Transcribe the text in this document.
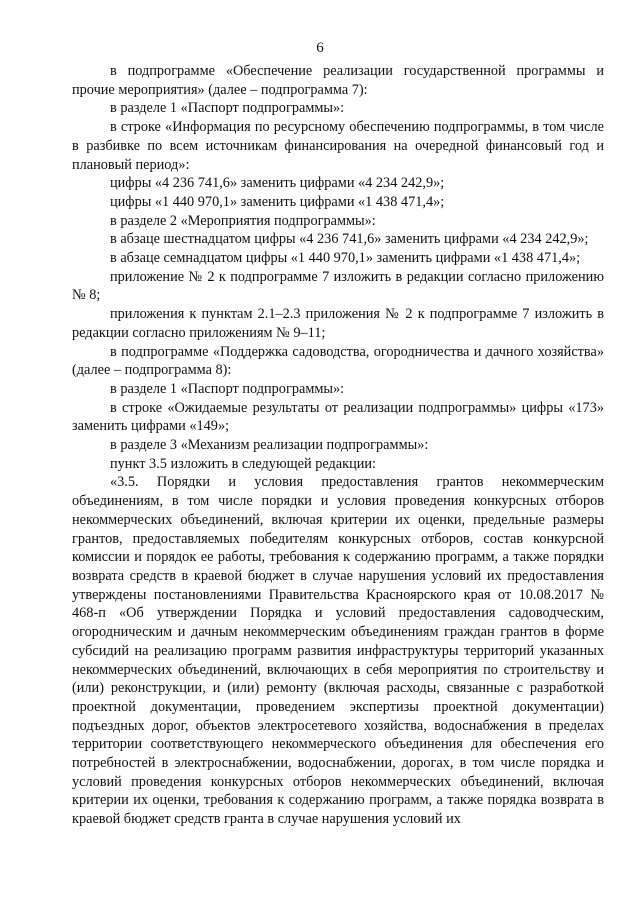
6

в подпрограмме «Обеспечение реализации государственной программы и прочие мероприятия» (далее – подпрограмма 7):

в разделе 1 «Паспорт подпрограммы»:

в строке «Информация по ресурсному обеспечению подпрограммы, в том числе в разбивке по всем источникам финансирования на очередной финансовый год и плановый период»:

цифры «4 236 741,6» заменить цифрами «4 234 242,9»;

цифры «1 440 970,1» заменить цифрами «1 438 471,4»;

в разделе 2 «Мероприятия подпрограммы»:

в абзаце шестнадцатом цифры «4 236 741,6» заменить цифрами «4 234 242,9»;

в абзаце семнадцатом цифры «1 440 970,1» заменить цифрами «1 438 471,4»;

приложение № 2 к подпрограмме 7 изложить в редакции согласно приложению № 8;

приложения к пунктам 2.1–2.3 приложения № 2 к подпрограмме 7 изложить в редакции согласно приложениям № 9–11;

в подпрограмме «Поддержка садоводства, огородничества и дачного хозяйства» (далее – подпрограмма 8):

в разделе 1 «Паспорт подпрограммы»:

в строке «Ожидаемые результаты от реализации подпрограммы» цифры «173» заменить цифрами «149»;

в разделе 3 «Механизм реализации подпрограммы»:

пункт 3.5 изложить в следующей редакции:

«3.5. Порядки и условия предоставления грантов некоммерческим объединениям, в том числе порядки и условия проведения конкурсных отборов некоммерческих объединений, включая критерии их оценки, предельные размеры грантов, предоставляемых победителям конкурсных отборов, состав конкурсной комиссии и порядок ее работы, требования к содержанию программ, а также порядки возврата средств в краевой бюджет в случае нарушения условий их предоставления утверждены постановлениями Правительства Красноярского края от 10.08.2017 № 468-п «Об утверждении Порядка и условий предоставления садоводческим, огородническим и дачным некоммерческим объединениям граждан грантов в форме субсидий на реализацию программ развития инфраструктуры территорий указанных некоммерческих объединений, включающих в себя мероприятия по строительству и (или) реконструкции, и (или) ремонту (включая расходы, связанные с разработкой проектной документации, проведением экспертизы проектной документации) подъездных дорог, объектов электросетевого хозяйства, водоснабжения в пределах территории соответствующего некоммерческого объединения для обеспечения его потребностей в электроснабжении, водоснабжении, дорогах, в том числе порядка и условий проведения конкурсных отборов некоммерческих объединений, включая критерии их оценки, требования к содержанию программ, а также порядка возврата в краевой бюджет средств гранта в случае нарушения условий их
